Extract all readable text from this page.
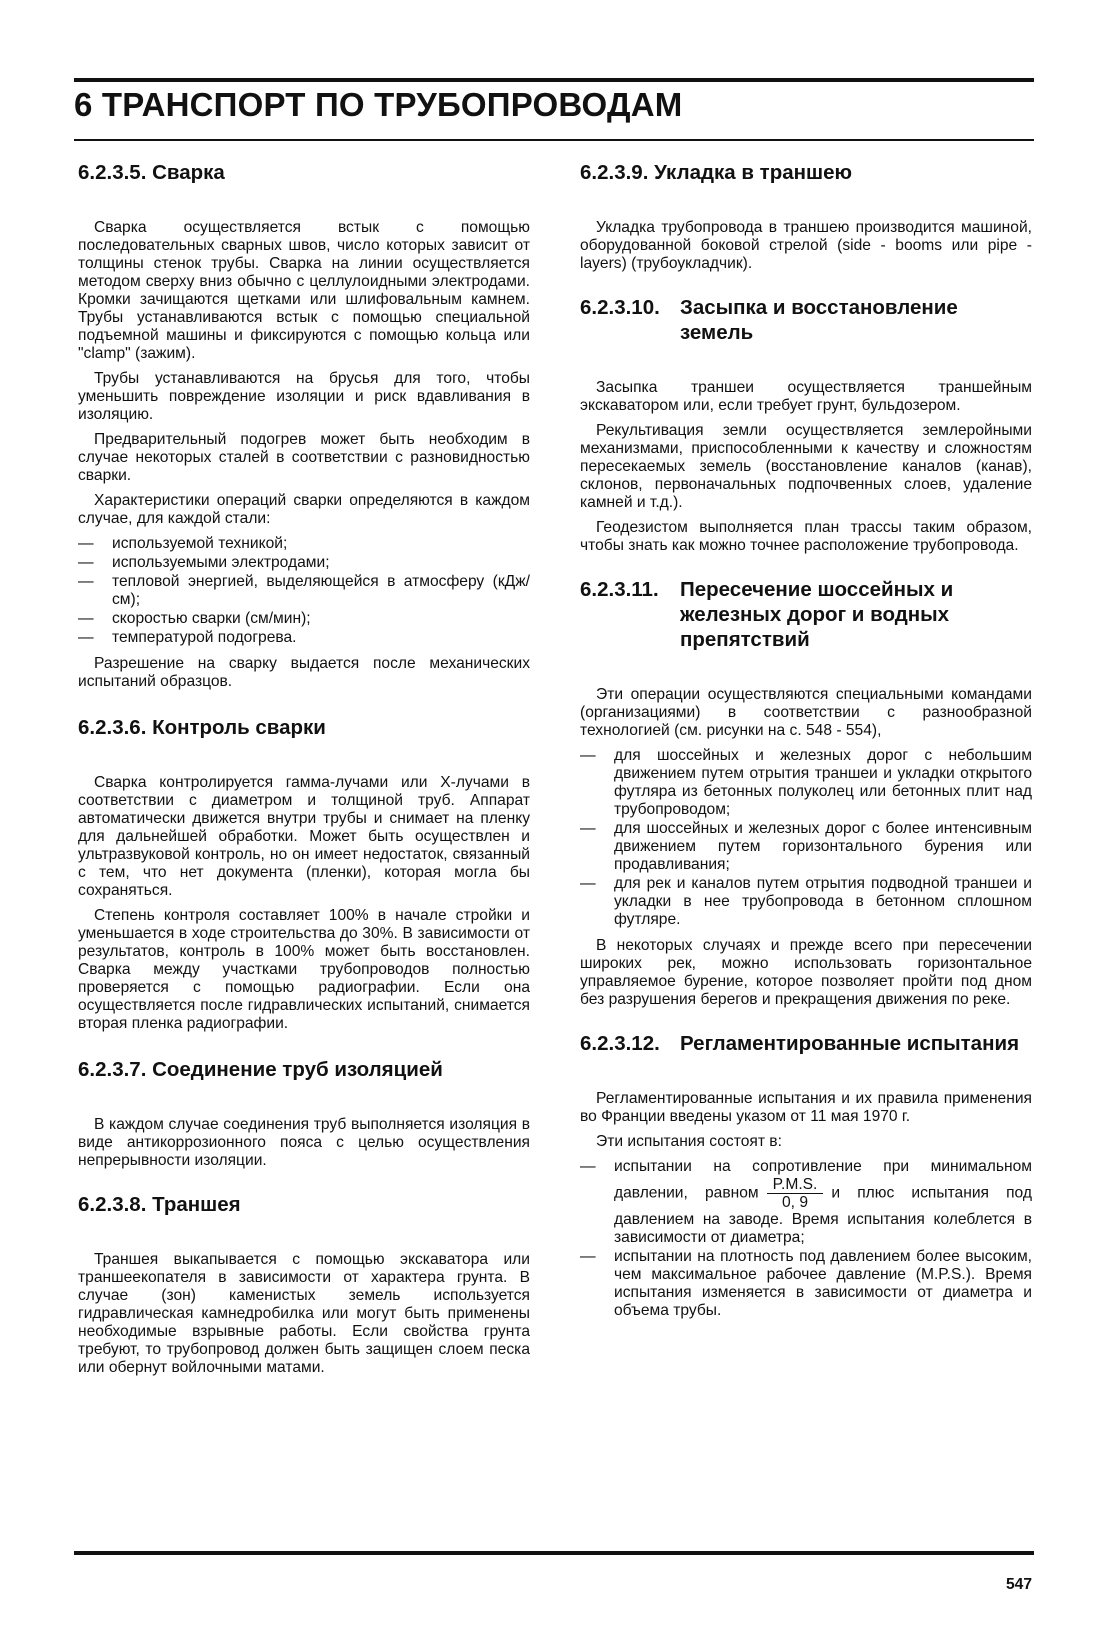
6 ТРАНСПОРТ ПО ТРУБОПРОВОДАМ
6.2.3.5. Сварка

Сварка осуществляется встык с помощью последовательных сварных швов, число которых зависит от толщины стенок трубы. Сварка на линии осуществляется методом сверху вниз обычно с целлулоидными электродами. Кромки зачищаются щетками или шлифовальным камнем. Трубы устанавливаются встык с помощью специальной подъемной машины и фиксируются с помощью кольца или "clamp" (зажим).

Трубы устанавливаются на брусья для того, чтобы уменьшить повреждение изоляции и риск вдавливания в изоляцию.

Предварительный подогрев может быть необходим в случае некоторых сталей в соответствии с разновидностью сварки.

Характеристики операций сварки определяются в каждом случае, для каждой стали:

— используемой техникой;
— используемыми электродами;
— тепловой энергией, выделяющейся в атмосферу (кДж/см);
— скоростью сварки (см/мин);
— температурой подогрева.

Разрешение на сварку выдается после механических испытаний образцов.

6.2.3.6. Контроль сварки

Сварка контролируется гамма-лучами или X-лучами в соответствии с диаметром и толщиной труб. Аппарат автоматически движется внутри трубы и снимает на пленку для дальнейшей обработки. Может быть осуществлен и ультразвуковой контроль, но он имеет недостаток, связанный с тем, что нет документа (пленки), которая могла бы сохраняться.

Степень контроля составляет 100% в начале стройки и уменьшается в ходе строительства до 30%. В зависимости от результатов, контроль в 100% может быть восстановлен. Сварка между участками трубопроводов полностью проверяется с помощью радиографии. Если она осуществляется после гидравлических испытаний, снимается вторая пленка радиографии.

6.2.3.7. Соединение труб изоляцией

В каждом случае соединения труб выполняется изоляция в виде антикоррозионного пояса с целью осуществления непрерывности изоляции.

6.2.3.8. Траншея

Траншея выкапывается с помощью экскаватора или траншеекопателя в зависимости от характера грунта. В случае (зон) каменистых земель используется гидравлическая камнедробилка или могут быть применены необходимые взрывные работы. Если свойства грунта требуют, то трубопровод должен быть защищен слоем песка или обернут войлочными матами.

6.2.3.9. Укладка в траншею

Укладка трубопровода в траншею производится машиной, оборудованной боковой стрелой (side - booms или pipe - layers) (трубоукладчик).

6.2.3.10. Засыпка и восстановление земель

Засыпка траншеи осуществляется траншейным экскаватором или, если требует грунт, бульдозером.

Рекультивация земли осуществляется землеройными механизмами, приспособленными к качеству и сложностям пересекаемых земель (восстановление каналов (канав), склонов, первоначальных подпочвенных слоев, удаление камней и т.д.).

Геодезистом выполняется план трассы таким образом, чтобы знать как можно точнее расположение трубопровода.

6.2.3.11.	Пересечение шоссейных и железных дорог и водных препятствий

Эти операции осуществляются специальными командами (организациями) в соответствии с разнообразной технологией (см. рисунки на с. 548 - 554),

— для шоссейных и железных дорог с небольшим движением путем отрытия траншеи и укладки открытого футляра из бетонных полуколец или бетонных плит над трубопроводом;
— для шоссейных и железных дорог с более интенсивным движением путем горизонтального бурения или продавливания;
— для рек и каналов путем отрытия подводной траншеи и укладки в нее трубопровода в бетонном сплошном футляре.

В некоторых случаях и прежде всего при пересечении широких рек, можно использовать горизонтальное управляемое бурение, которое позволяет пройти под дном без разрушения берегов и прекращения движения по реке.

6.2.3.12. Регламентированные испытания

Регламентированные испытания и их правила применения во Франции введены указом от 11 мая 1970 г.

Эти испытания состоят в:

— испытании на сопротивление при минимальном давлении, равном $\frac{P.M.S.}{0, 9}$ и плюс испытания под давлением на заводе. Время испытания колеблется в зависимости от диаметра;
— испытании на плотность под давлением более высоким, чем максимальное рабочее давление (M.P.S.). Время испытания изменяется в зависимости от диаметра и объема трубы.
547
